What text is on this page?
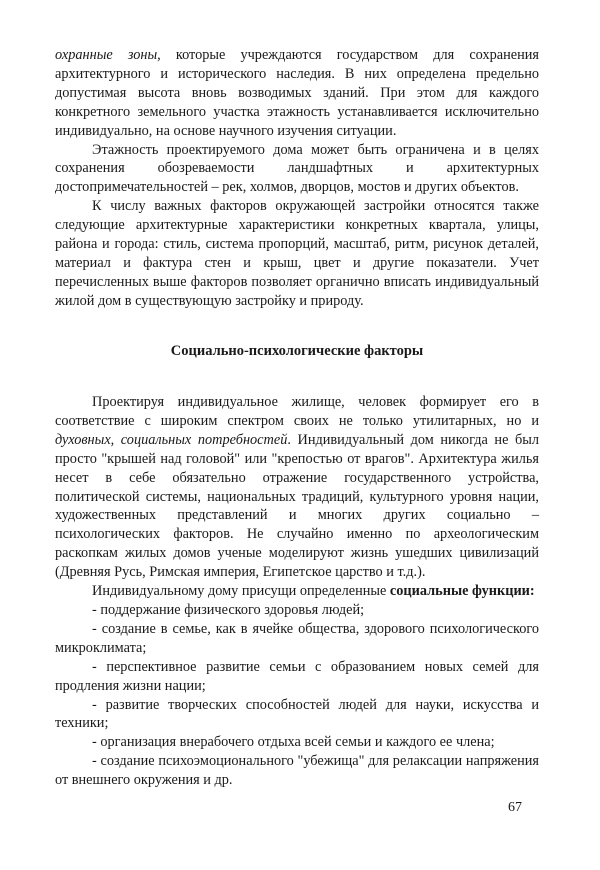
охранные зоны, которые учреждаются государством для сохранения архитектурного и исторического наследия. В них определена предельно допустимая высота вновь возводимых зданий. При этом для каждого конкретного земельного участка этажность устанавливается исключительно индивидуально, на основе научного изучения ситуации.

Этажность проектируемого дома может быть ограничена и в целях сохранения обозреваемости ландшафтных и архитектурных достопримечательностей – рек, холмов, дворцов, мостов и других объектов.

К числу важных факторов окружающей застройки относятся также следующие архитектурные характеристики конкретных квартала, улицы, района и города: стиль, система пропорций, масштаб, ритм, рисунок деталей, материал и фактура стен и крыш, цвет и другие показатели. Учет перечисленных выше факторов позволяет органично вписать индивидуальный жилой дом в существующую застройку и природу.

Социально-психологические факторы

Проектируя индивидуальное жилище, человек формирует его в соответствие с широким спектром своих не только утилитарных, но и духовных, социальных потребностей. Индивидуальный дом никогда не был просто "крышей над головой" или "крепостью от врагов". Архитектура жилья несет в себе обязательно отражение государственного устройства, политической системы, национальных традиций, культурного уровня нации, художественных представлений и многих других социально – психологических факторов. Не случайно именно по археологическим раскопкам жилых домов ученые моделируют жизнь ушедших цивилизаций (Древняя Русь, Римская империя, Египетское царство и т.д.).

Индивидуальному дому присущи определенные социальные функции:

- поддержание физического здоровья людей;

- создание в семье, как в ячейке общества, здорового психологического микроклимата;

- перспективное развитие семьи с образованием новых семей для продления жизни нации;

- развитие творческих способностей людей для науки, искусства и техники;

- организация внерабочего отдыха всей семьи и каждого ее члена;

- создание психоэмоционального "убежища" для релаксации напряжения от внешнего окружения и др.

67
